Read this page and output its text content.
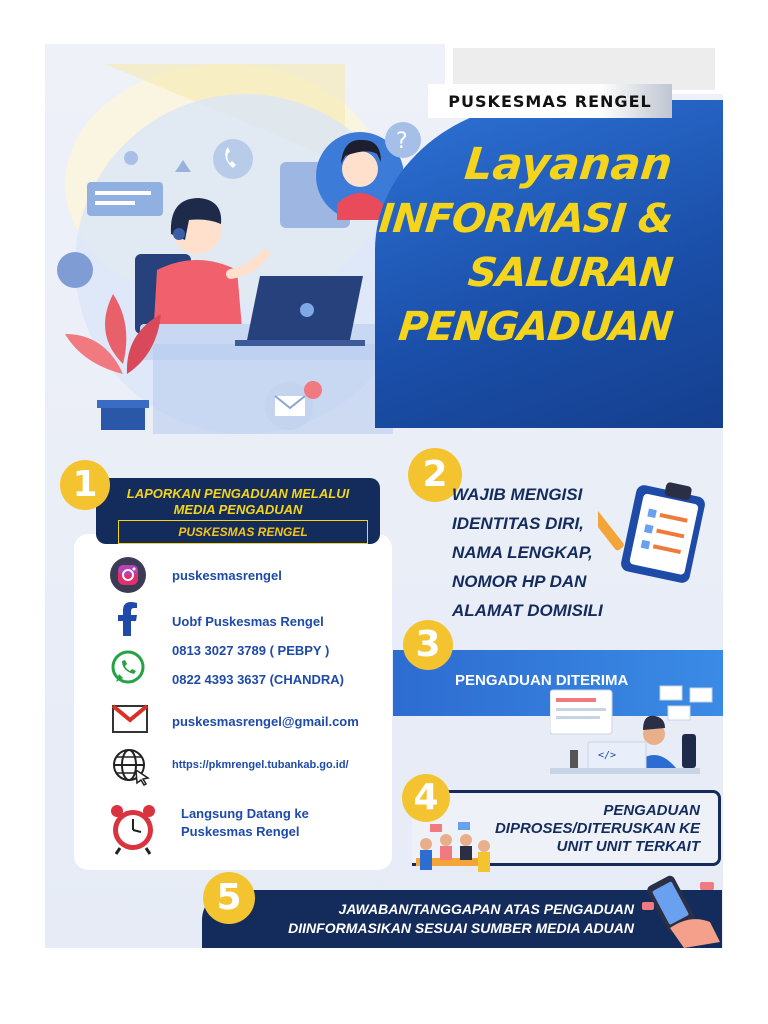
?
PUSKESMAS RENGEL
Layanan
INFORMASI &
SALURAN
PENGADUAN
LAPORKAN PENGADUAN MELALUI
MEDIA PENGADUAN
PUSKESMAS RENGEL
1
puskesmasrengel
Uobf Puskesmas Rengel
0813 3027 3789 ( PEBPY )
0822 4393 3637 (CHANDRA)
puskesmasrengel@gmail.com
https://pkmrengel.tubankab.go.id/
Langsung Datang ke
Puskesmas Rengel
2 WAJIB MENGISI
IDENTITAS DIRI,
NAMA LENGKAP,
NOMOR HP DAN
ALAMAT DOMISILI
PENGADUAN DITERIMA
3
</>
4	PENGADUAN
DIPROSES/DITERUSKAN KE
UNIT UNIT TERKAIT
5	JAWABAN/TANGGAPAN ATAS PENGADUAN
DIINFORMASIKAN SESUAI SUMBER MEDIA ADUAN
